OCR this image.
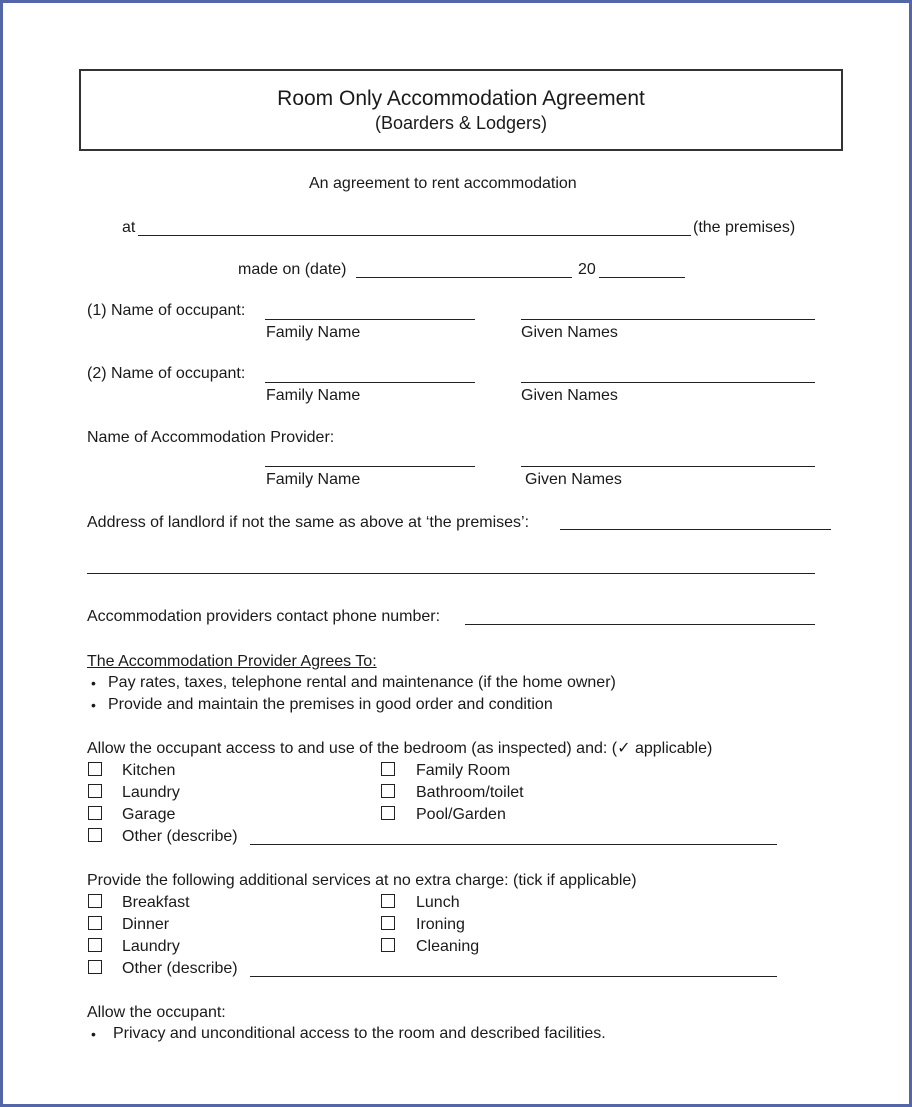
Room Only Accommodation Agreement
(Boarders & Lodgers)
An agreement to rent accommodation
at	(the premises)
made on (date)	20
(1) Name of occupant:
Family Name	Given Names
(2) Name of occupant:
Family Name	Given Names
Name of Accommodation Provider:
Family Name	Given Names
Address of landlord if not the same as above at ‘the premises’:
Accommodation providers contact phone number:
The Accommodation Provider Agrees To:
• Pay rates, taxes, telephone rental and maintenance (if the home owner)
• Provide and maintain the premises in good order and condition
Allow the occupant access to and use of the bedroom (as inspected) and: (✓ applicable)
Kitchen	Family Room
Laundry	Bathroom/toilet
Garage	Pool/Garden
Other (describe)
Provide the following additional services at no extra charge: (tick if applicable)
Breakfast	Lunch
Dinner	Ironing
Laundry	Cleaning
Other (describe)
Allow the occupant:
• Privacy and unconditional access to the room and described facilities.
